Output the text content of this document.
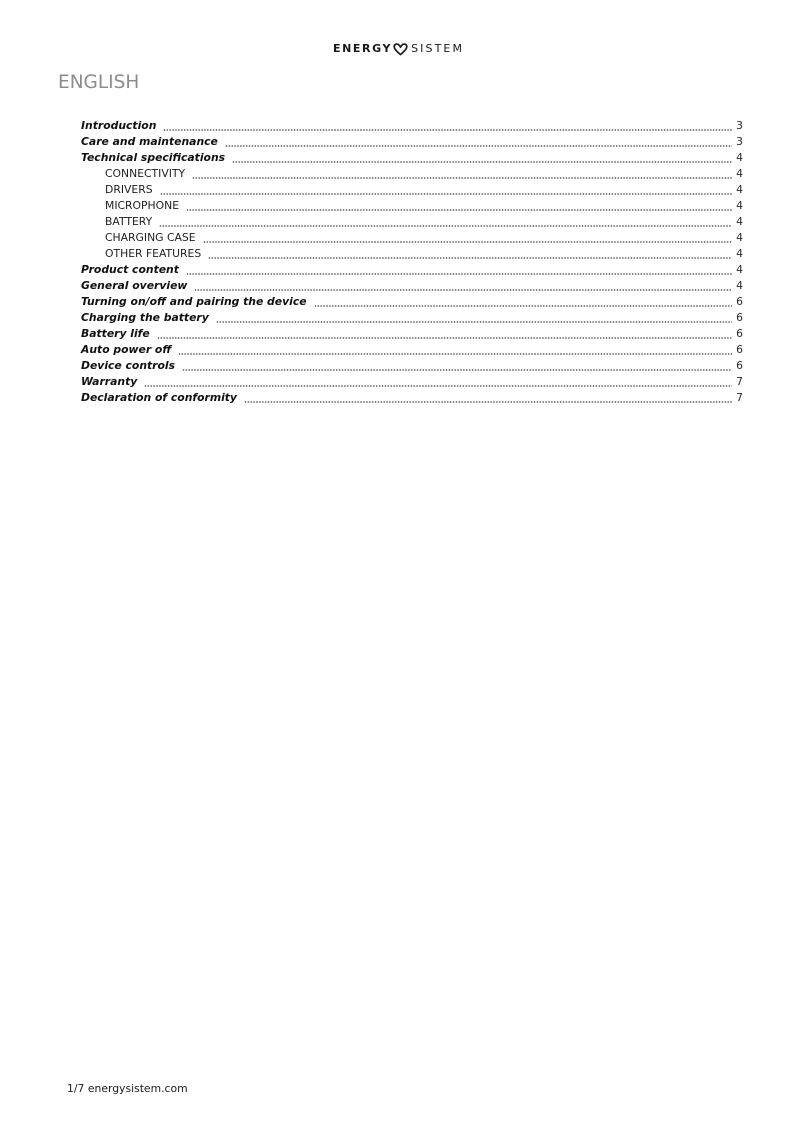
ENERGY SISTEM
ENGLISH
Introduction	3
Care and maintenance	3
Technical specifications	4
CONNECTIVITY	4
DRIVERS	4
MICROPHONE	4
BATTERY	4
CHARGING CASE	4
OTHER FEATURES	4
Product content	4
General overview	4
Turning on/off and pairing the device	6
Charging the battery	6
Battery life	6
Auto power off	6
Device controls	6
Warranty	7
Declaration of conformity	7
1/7 energysistem.com
